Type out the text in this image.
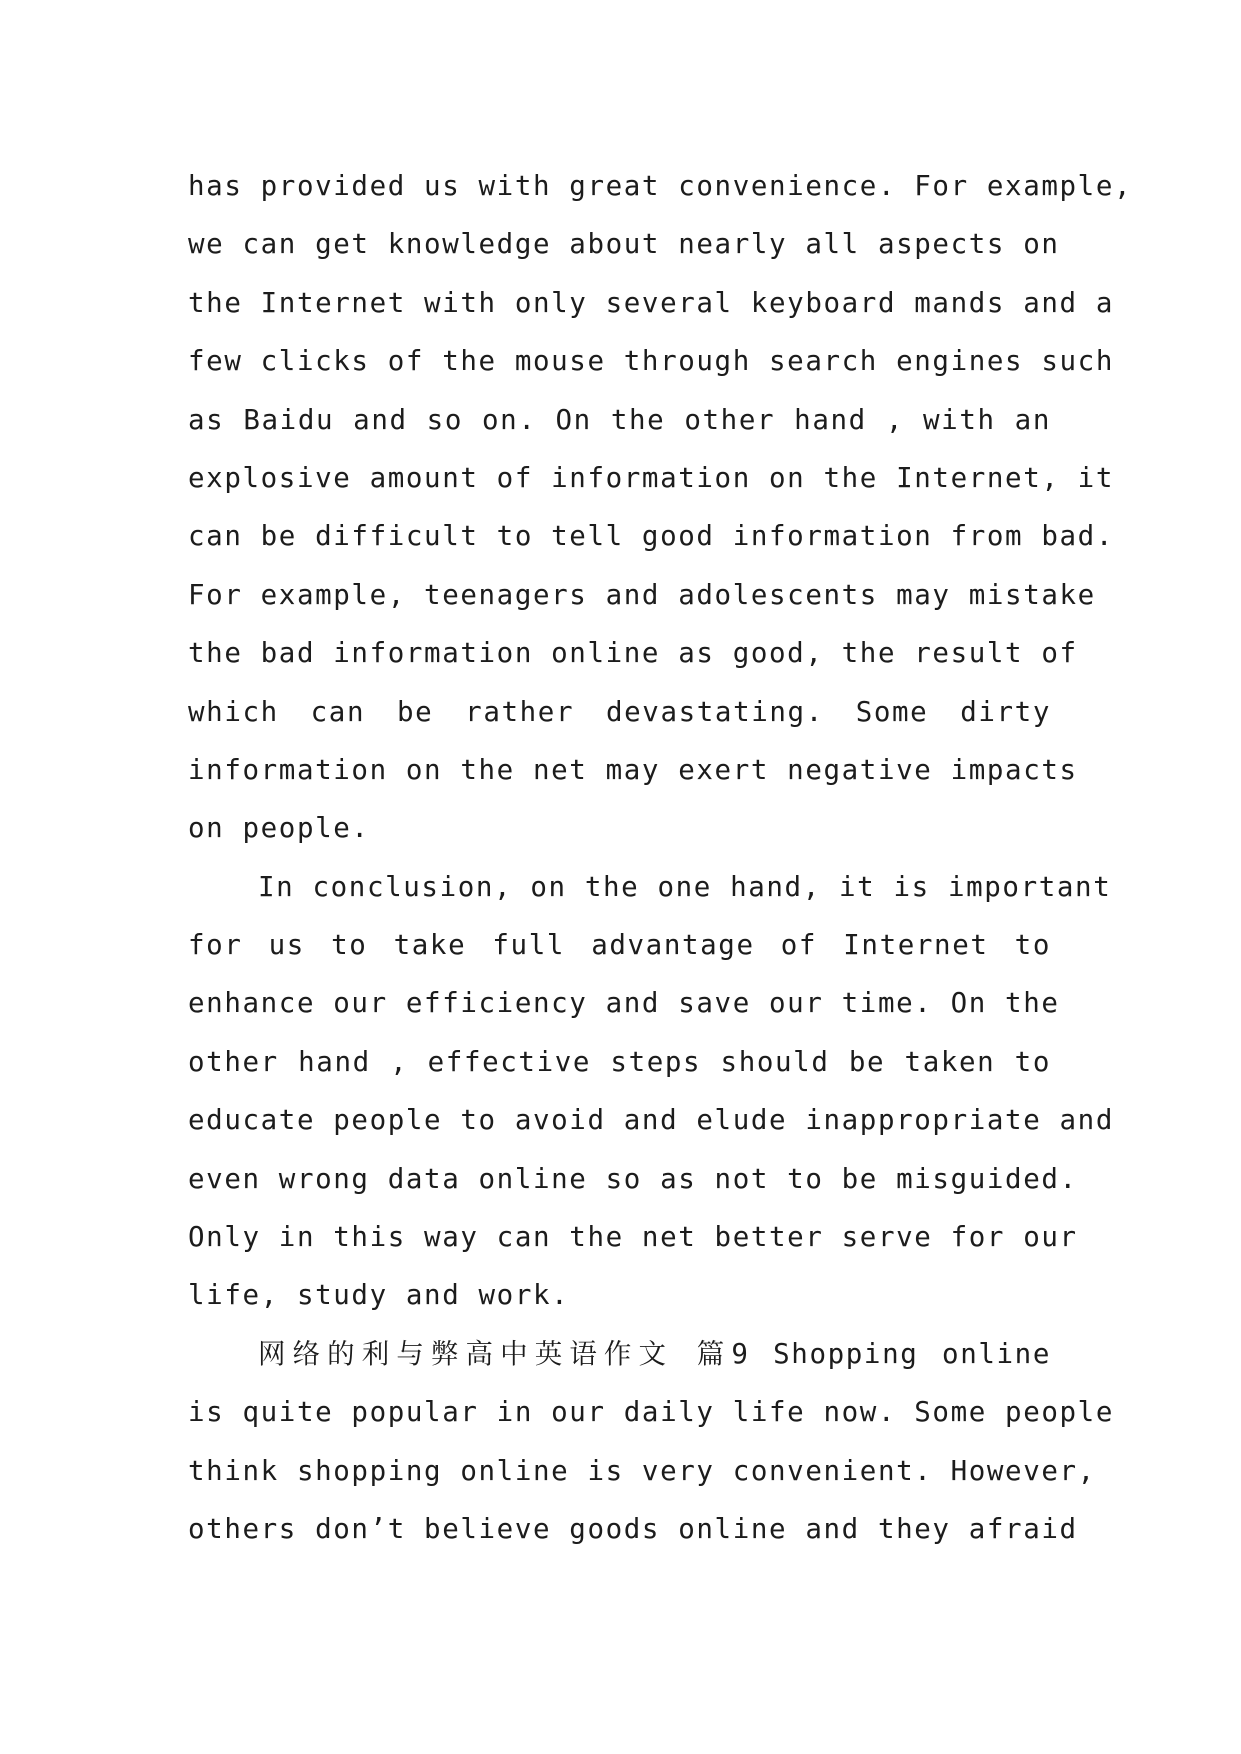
has provided us with great convenience. For example,
we can get knowledge about nearly all aspects on
the Internet with only several keyboard mands and a
few clicks of the mouse through search engines such
as Baidu and so on. On the other hand , with an
explosive amount of information on the Internet, it
can be difficult to tell good information from bad.
For example, teenagers and adolescents may mistake
the bad information online as good, the result of
which can be rather devastating. Some dirty
information on the net may exert negative impacts
on people.
In conclusion, on the one hand, it is important
for us to take full advantage of Internet to
enhance our efficiency and save our time. On the
other hand , effective steps should be taken to
educate people to avoid and elude inappropriate and
even wrong data online so as not to be misguided.
Only in this way can the net better serve for our
life, study and work.
网络的利与弊高中英语作文 篇9 Shopping online
is quite popular in our daily life now. Some people
think shopping online is very convenient. However,
others don’t believe goods online and they afraid
